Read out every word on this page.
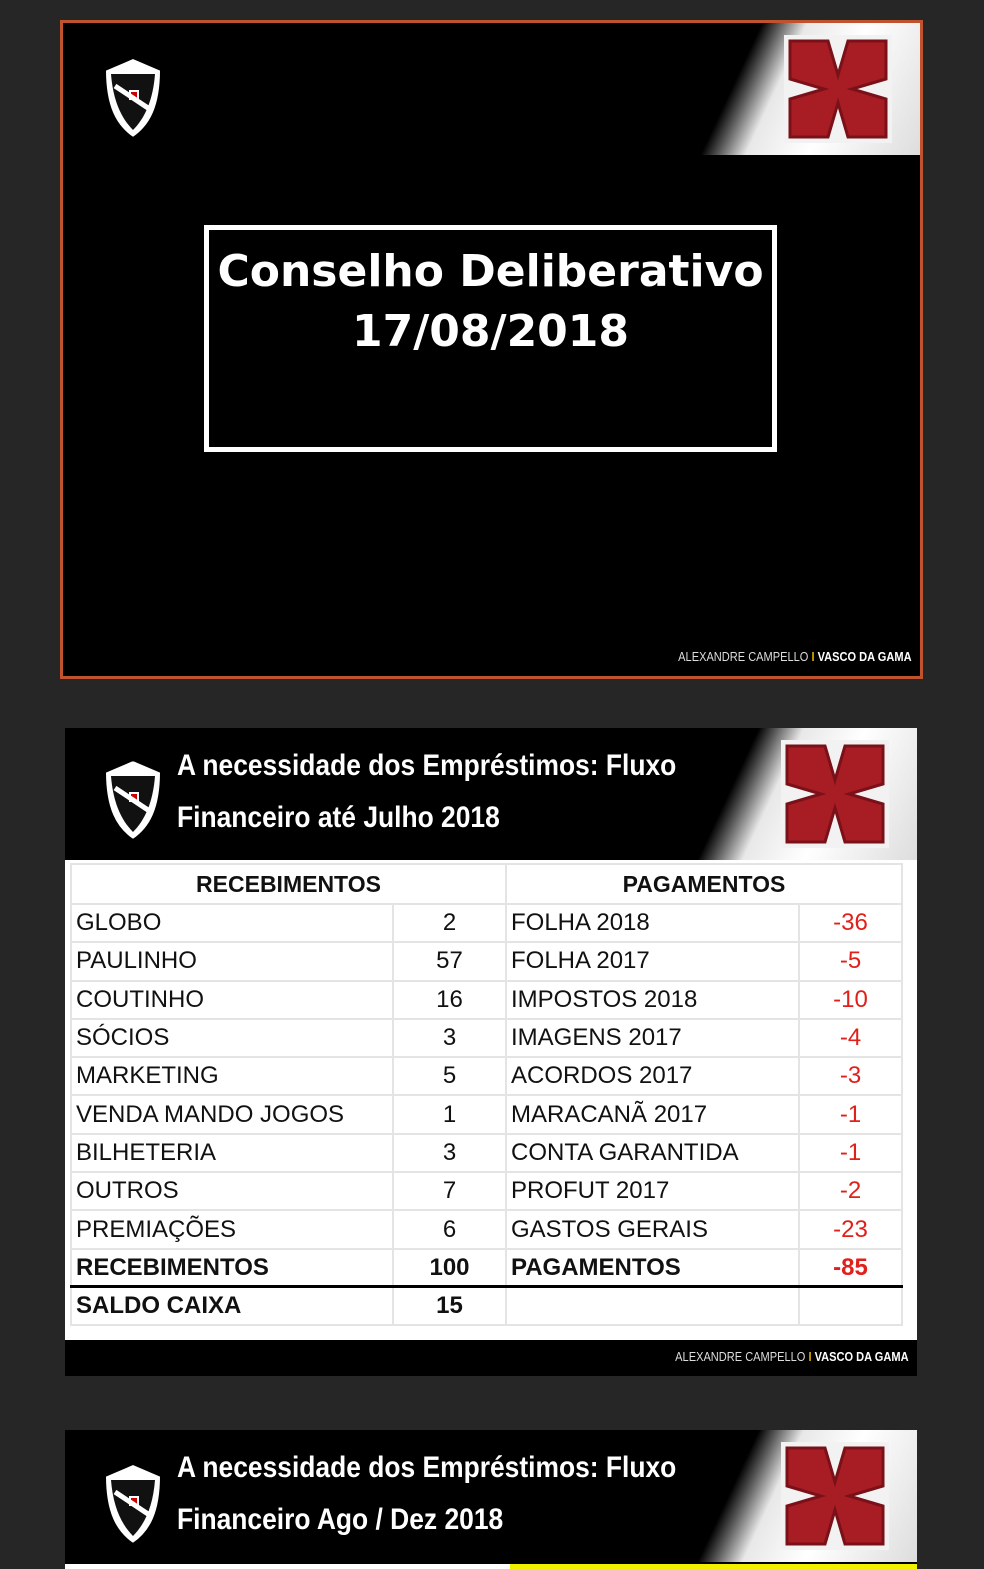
Conselho Deliberativo
17/08/2018
ALEXANDRE CAMPELLO I VASCO DA GAMA
A necessidade dos Empréstimos: Fluxo
Financeiro até Julho 2018
RECEBIMENTOS		PAGAMENTOS	
GLOBO	2	FOLHA 2018	-36
PAULINHO	57	FOLHA 2017	-5
COUTINHO	16	IMPOSTOS 2018	-10
SÓCIOS	3	IMAGENS 2017	-4
MARKETING	5	ACORDOS 2017	-3
VENDA MANDO JOGOS	1	MARACANÃ 2017	-1
BILHETERIA	3	CONTA GARANTIDA	-1
OUTROS	7	PROFUT 2017	-2
PREMIAÇÕES	6	GASTOS GERAIS	-23
RECEBIMENTOS	100	PAGAMENTOS	-85
SALDO CAIXA	15		
ALEXANDRE CAMPELLO I VASCO DA GAMA
A necessidade dos Empréstimos: Fluxo
Financeiro Ago / Dez 2018
